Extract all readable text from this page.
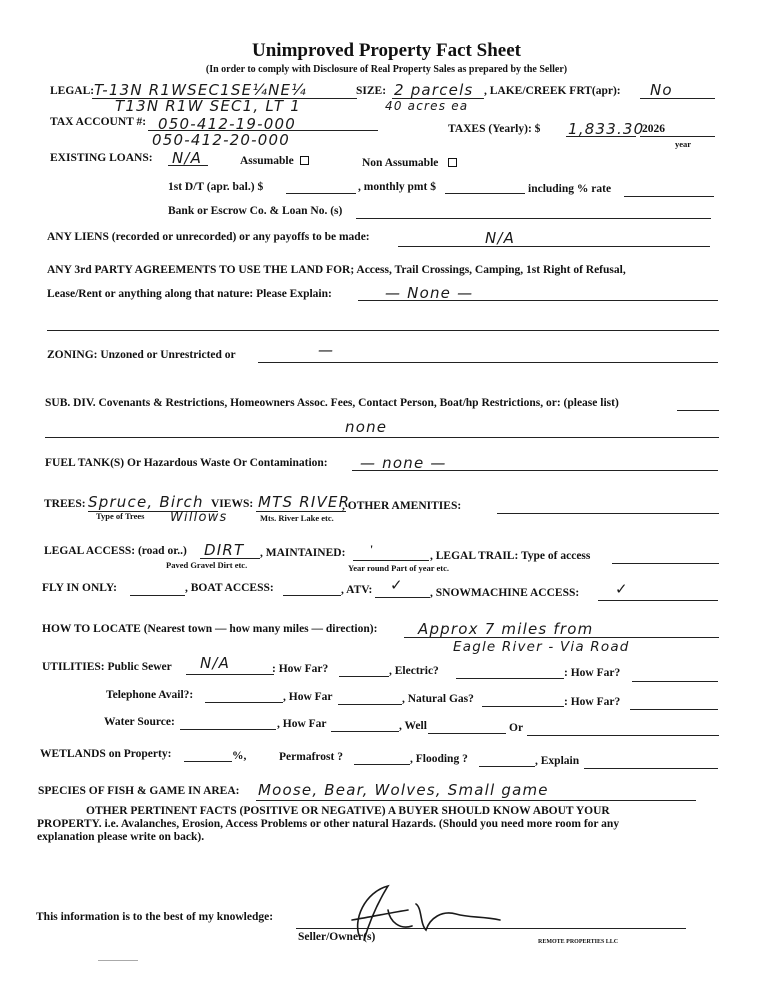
Unimproved Property Fact Sheet
(In order to comply with Disclosure of Real Property Sales as prepared by the Seller)
LEGAL: T-13N R1WSEC1SE¼NE¼
T13N R1W SEC1, LT 1
SIZE: 2 parcels
40 acres ea
, LAKE/CREEK FRT(apr): No
TAX ACCOUNT #: 050-412-19-000
050-412-20-000
TAXES (Yearly): $ 1,833.30
2026
year
EXISTING LOANS: N/A	Assumable	Non Assumable
1st D/T (apr. bal.) $	, monthly pmt $	including % rate
Bank or Escrow Co. & Loan No. (s)
ANY LIENS (recorded or unrecorded) or any payoffs to be made:	N/A
ANY 3rd PARTY AGREEMENTS TO USE THE LAND FOR; Access, Trail Crossings, Camping, 1st Right of Refusal,
Lease/Rent or anything along that nature: Please Explain:	— None —
ZONING: Unzoned or Unrestricted or	—
SUB. DIV. Covenants & Restrictions, Homeowners Assoc. Fees, Contact Person, Boat/hp Restrictions, or: (please list)
none
FUEL TANK(S) Or Hazardous Waste Or Contamination: — none —
TREES: Spruce, Birch
Type of Trees Willows
VIEWS: MTS RIVER
Mts. River Lake etc.
, OTHER AMENITIES:
LEGAL ACCESS: (road or..) DIRT
Paved Gravel Dirt etc.
, MAINTAINED: '
Year round Part of year etc.
, LEGAL TRAIL: Type of access
FLY IN ONLY:	, BOAT ACCESS:	, ATV: ✓ , SNOWMACHINE ACCESS: ✓
HOW TO LOCATE (Nearest town — how many miles — direction):	Approx 7 miles from
Eagle River - Via Road
UTILITIES: Public Sewer N/A	: How Far?	, Electric?	: How Far?
Telephone Avail?:	, How Far	, Natural Gas?	: How Far?
Water Source:	, How Far	, Well	Or
WETLANDS on Property:	%,	Permafrost ?	, Flooding ?	, Explain
SPECIES OF FISH & GAME IN AREA: Moose, Bear, Wolves, Small game
OTHER PERTINENT FACTS (POSITIVE OR NEGATIVE) A BUYER SHOULD KNOW ABOUT YOUR
PROPERTY. i.e. Avalanches, Erosion, Access Problems or other natural Hazards. (Should you need more room for any
explanation please write on back).
This information is to the best of my knowledge:
Seller/Owner(s)	REMOTE PROPERTIES LLC
